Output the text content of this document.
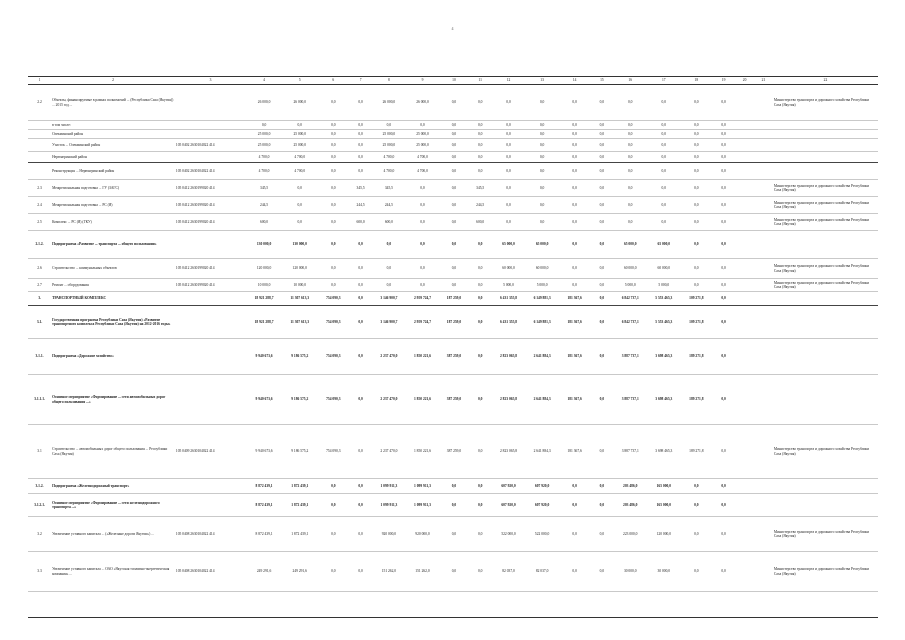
4
1	2	3	4	5	6	7	8	9	10	11	12	13	14	15	16	17	18	19	20	21	22
2.2	Объекты, финансируемые в рамках полномочий ... (Республики Саха (Якутия)) ... 2015 год ...		26 000,0	26 000,0	0,0	0,0	26 000,0	26 000,0	0,0	0,0	0,0	0,0	0,0	0,0	0,0	0,0	0,0	0,0			Министерство транспорта и дорожного хозяйства Республики Саха (Якутия)
	в том числе:		0,0	0,0	0,0	0,0	0,0	0,0	0,0	0,0	0,0	0,0	0,0	0,0	0,0	0,0	0,0	0,0			
	Олекминский район		25 000,0	25 000,0	0,0	0,0	25 000,0	25 000,0	0,0	0,0	0,0	0,0	0,0	0,0	0,0	0,0	0,0	0,0			
	Участок ... Олекминский район	105 0402 2630104022 414	25 000,0	25 000,0	0,0	0,0	25 000,0	25 000,0	0,0	0,0	0,0	0,0	0,0	0,0	0,0	0,0	0,0	0,0			
	Нерюнгринский район		4 700,0	4 700,0	0,0	0,0	4 700,0	4 700,0	0,0	0,0	0,0	0,0	0,0	0,0	0,0	0,0	0,0	0,0			
	Реконструкция ... Нерюнгринский район	105 0402 2630104022 414	4 700,0	4 700,0	0,0	0,0	4 700,0	4 700,0	0,0	0,0	0,0	0,0	0,0	0,0	0,0	0,0	0,0	0,0			
2.3	Межрегиональная подготовка ... ГУ (ЗАГС)	105 0412 2630199020 414	345,5	0,0	0,0	345,5	345,5	0,0	0,0	345,5	0,0	0,0	0,0	0,0	0,0	0,0	0,0	0,0			Министерство транспорта и дорожного хозяйства Республики Саха (Якутия)
2.4	Межрегиональная подготовка ... РС (Я)	105 0412 2630199020 414	244,5	0,0	0,0	244,5	244,5	0,0	0,0	244,5	0,0	0,0	0,0	0,0	0,0	0,0	0,0	0,0			Министерство транспорта и дорожного хозяйства Республики Саха (Якутия)
2.5	Комплекс ... РС (Я) (ГКУ)	105 0412 2630199020 414	600,0	0,0	0,0	600,0	600,0	0,0	0,0	600,0	0,0	0,0	0,0	0,0	0,0	0,0	0,0	0,0			Министерство транспорта и дорожного хозяйства Республики Саха (Якутия)
2.1.2.	Подпрограмма «Развитие ... транспорта ... общего пользования»		130 000,0	130 000,0	0,0	0,0	0,0	0,0	0,0	0,0	65 000,0	65 000,0	0,0	0,0	65 000,0	65 000,0	0,0	0,0			
2.6	Строительство ... коммунальных объектов	105 0412 2630199020 414	120 000,0	120 000,0	0,0	0,0	0,0	0,0	0,0	0,0	60 000,0	60 000,0	0,0	0,0	60 000,0	60 000,0	0,0	0,0			Министерство транспорта и дорожного хозяйства Республики Саха (Якутия)
2.7	Ремонт ... оборудования	105 0412 2630199020 414	10 000,0	10 000,0	0,0	0,0	0,0	0,0	0,0	0,0	5 000,0	5 000,0	0,0	0,0	5 000,0	5 000,0	0,0	0,0			Министерство транспорта и дорожного хозяйства Республики Саха (Якутия)
3.	ТРАНСПОРТНЫЙ КОМПЛЕКС		18 921 288,7	11 307 613,3	754 090,3	0,0	3 146 900,7	2 959 724,7	187 259,0	0,0	6 431 355,8	6 149 881,3	181 367,6	0,0	6 842 737,1	5 553 465,3	109 271,8	0,0			
3.1.	Государственная программа Республики Саха (Якутия) «Развитие транспортного комплекса Республики Саха (Якутия) на 2012-2016 годы»		18 921 288,7	11 307 613,3	754 090,3	0,0	3 146 900,7	2 959 724,7	187 259,0	0,0	6 431 355,8	6 149 881,3	181 367,6	0,0	6 842 737,1	5 553 465,3	109 271,8	0,0			
3.1.1.	Подпрограмма «Дорожное хозяйство»		9 940 673,6	9 186 575,2	754 090,3	0,0	2 237 470,0	1 850 221,6	387 259,0	0,0	2 823 065,8	2 641 884,3	181 367,6	0,0	3 887 737,1	3 698 465,3	189 271,8	0,0			
3.1.1.1.	Основное мероприятие «Формирование ... сети автомобильных дорог общего пользования ...»		9 940 673,6	9 186 575,2	754 090,3	0,0	2 237 470,0	1 850 221,6	387 259,0	0,0	2 823 065,8	2 641 884,3	181 367,6	0,0	3 887 737,1	3 698 465,3	189 271,8	0,0			
3.1	Строительство ... автомобильных дорог общего пользования ... Республики Саха (Якутия)	105 0409 2630104022 414	9 940 673,6	9 186 575,2	754 090,3	0,0	2 237 470,0	1 850 221,6	387 259,0	0,0	2 823 065,8	2 641 884,3	181 367,6	0,0	3 887 737,1	3 698 465,3	189 271,8	0,0			Министерство транспорта и дорожного хозяйства Республики Саха (Якутия)
3.1.2.	Подпрограмма «Железнодорожный транспорт»		8 872 439,1	1 872 439,1	0,0	0,0	1 099 911,3	1 099 911,3	0,0	0,0	607 920,0	607 920,0	0,0	0,0	203 486,0	165 000,0	0,0	0,0			
3.1.2.1.	Основное мероприятие «Формирование ... сети железнодорожного транспорта ...»		8 872 439,1	1 872 439,1	0,0	0,0	1 099 911,3	1 099 911,3	0,0	0,0	607 920,0	607 920,0	0,0	0,0	203 486,0	165 000,0	0,0	0,0			
3.2	Увеличение уставного капитала ... («Железные дороги Якутии») ...	105 0408 2630104022 414	8 872 439,1	1 872 439,1	0,0	0,0	920 000,0	920 000,0	0,0	0,0	522 000,0	522 000,0	0,0	0,0	223 000,0	120 000,0	0,0	0,0			Министерство транспорта и дорожного хозяйства Республики Саха (Якутия)
3.3	Увеличение уставного капитала ... ОАО «Якутская топливно-энергетическая компания» ...	105 0408 2630104022 414	249 291,6	249 291,6	0,0	0,0	151 262,0	151 262,0	0,0	0,0	82 037,0	82 037,0	0,0	0,0	30 000,0	30 000,0	0,0	0,0			Министерство транспорта и дорожного хозяйства Республики Саха (Якутия)
